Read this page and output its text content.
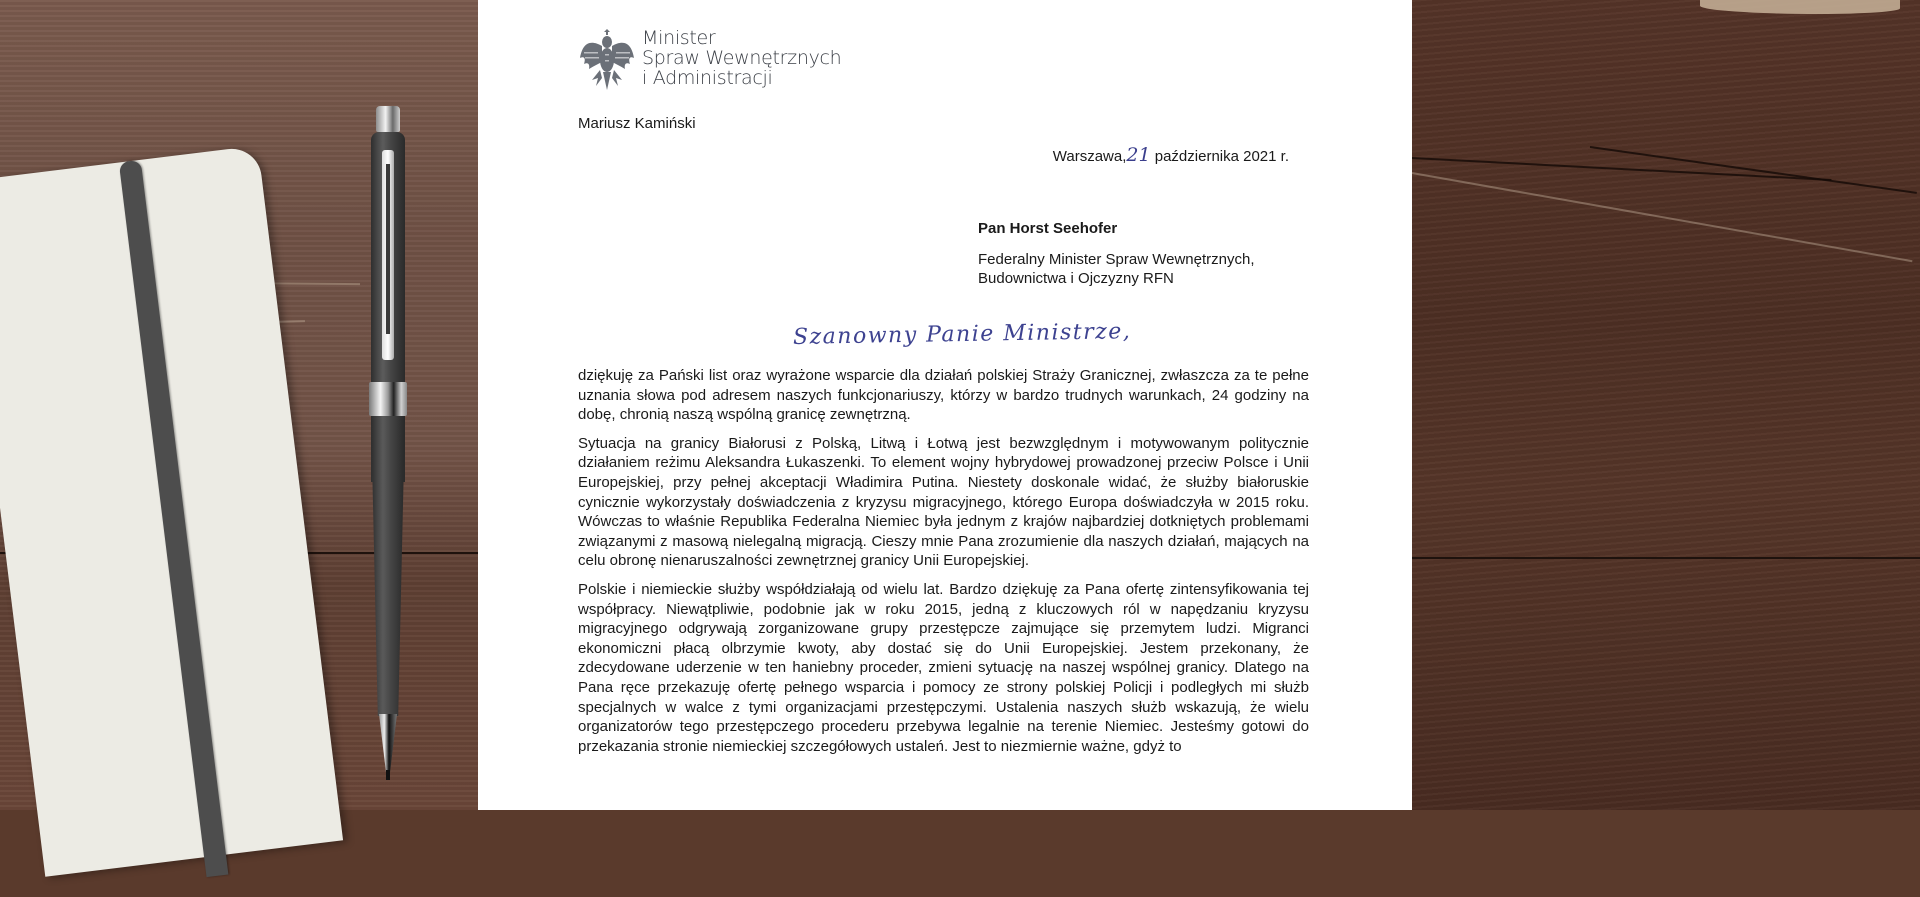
Minister
Spraw Wewnętrznych
i Administracji
Mariusz Kamiński
Warszawa,21 października 2021 r.
Pan Horst Seehofer
Federalny Minister Spraw Wewnętrznych,
Budownictwa i Ojczyzny RFN
Szanowny Panie Ministrze,

dziękuję za Pański list oraz wyrażone wsparcie dla działań polskiej Straży Granicznej, zwłaszcza za te pełne uznania słowa pod adresem naszych funkcjonariuszy, którzy w bardzo trudnych warunkach, 24 godziny na dobę, chronią naszą wspólną granicę zewnętrzną.

Sytuacja na granicy Białorusi z Polską, Litwą i Łotwą jest bezwzględnym i motywowanym politycznie działaniem reżimu Aleksandra Łukaszenki. To element wojny hybrydowej prowadzonej przeciw Polsce i Unii Europejskiej, przy pełnej akceptacji Władimira Putina. Niestety doskonale widać, że służby białoruskie cynicznie wykorzystały doświadczenia z kryzysu migracyjnego, którego Europa doświadczyła w 2015 roku. Wówczas to właśnie Republika Federalna Niemiec była jednym z krajów najbardziej dotkniętych problemami związanymi z masową nielegalną migracją. Cieszy mnie Pana zrozumienie dla naszych działań, mających na celu obronę nienaruszalności zewnętrznej granicy Unii Europejskiej.

Polskie i niemieckie służby współdziałają od wielu lat. Bardzo dziękuję za Pana ofertę zintensyfikowania tej współpracy. Niewątpliwie, podobnie jak w roku 2015, jedną z kluczowych ról w napędzaniu kryzysu migracyjnego odgrywają zorganizowane grupy przestępcze zajmujące się przemytem ludzi. Migranci ekonomiczni płacą olbrzymie kwoty, aby dostać się do Unii Europejskiej. Jestem przekonany, że zdecydowane uderzenie w ten haniebny proceder, zmieni sytuację na naszej wspólnej granicy. Dlatego na Pana ręce przekazuję ofertę pełnego wsparcia i pomocy ze strony polskiej Policji i podległych mi służb specjalnych w walce z tymi organizacjami przestępczymi. Ustalenia naszych służb wskazują, że wielu organizatorów tego przestępczego procederu przebywa legalnie na terenie Niemiec. Jesteśmy gotowi do przekazania stronie niemieckiej szczegółowych ustaleń. Jest to niezmiernie ważne, gdyż to
